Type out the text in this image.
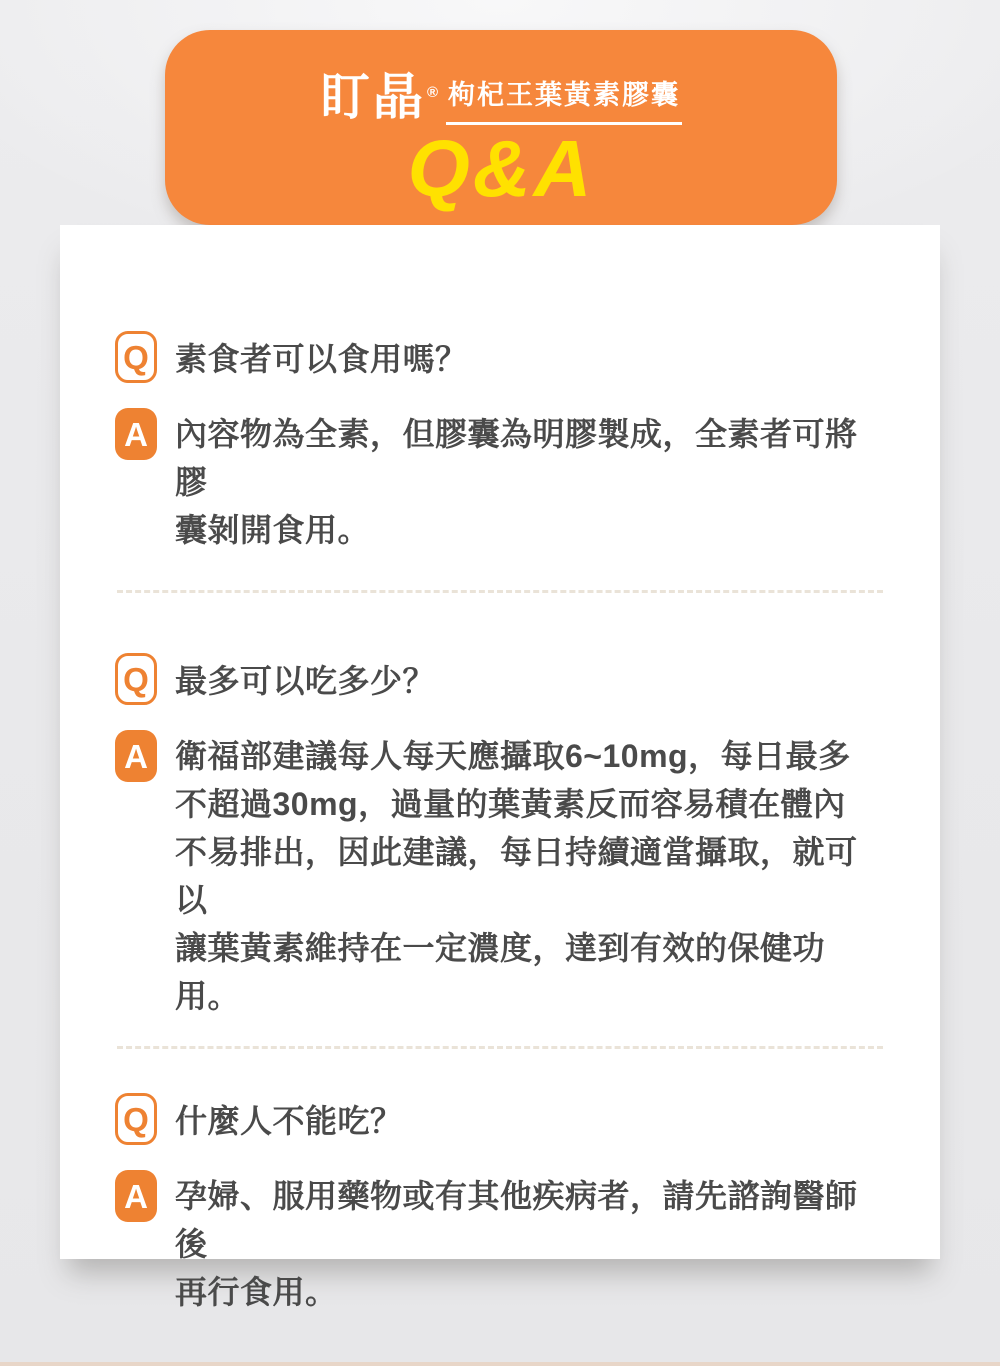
盯晶 ® 枸杞王葉黃素膠囊
Q&A
Q 素食者可以食用嗎？
A 內容物為全素，但膠囊為明膠製成，全素者可將膠
囊剝開食用。
Q 最多可以吃多少？
A 衛福部建議每人每天應攝取6~10mg，每日最多
不超過30mg，過量的葉黃素反而容易積在體內
不易排出，因此建議，每日持續適當攝取，就可以
讓葉黃素維持在一定濃度，達到有效的保健功用。
Q 什麼人不能吃？
A 孕婦、服用藥物或有其他疾病者，請先諮詢醫師後
再行食用。
